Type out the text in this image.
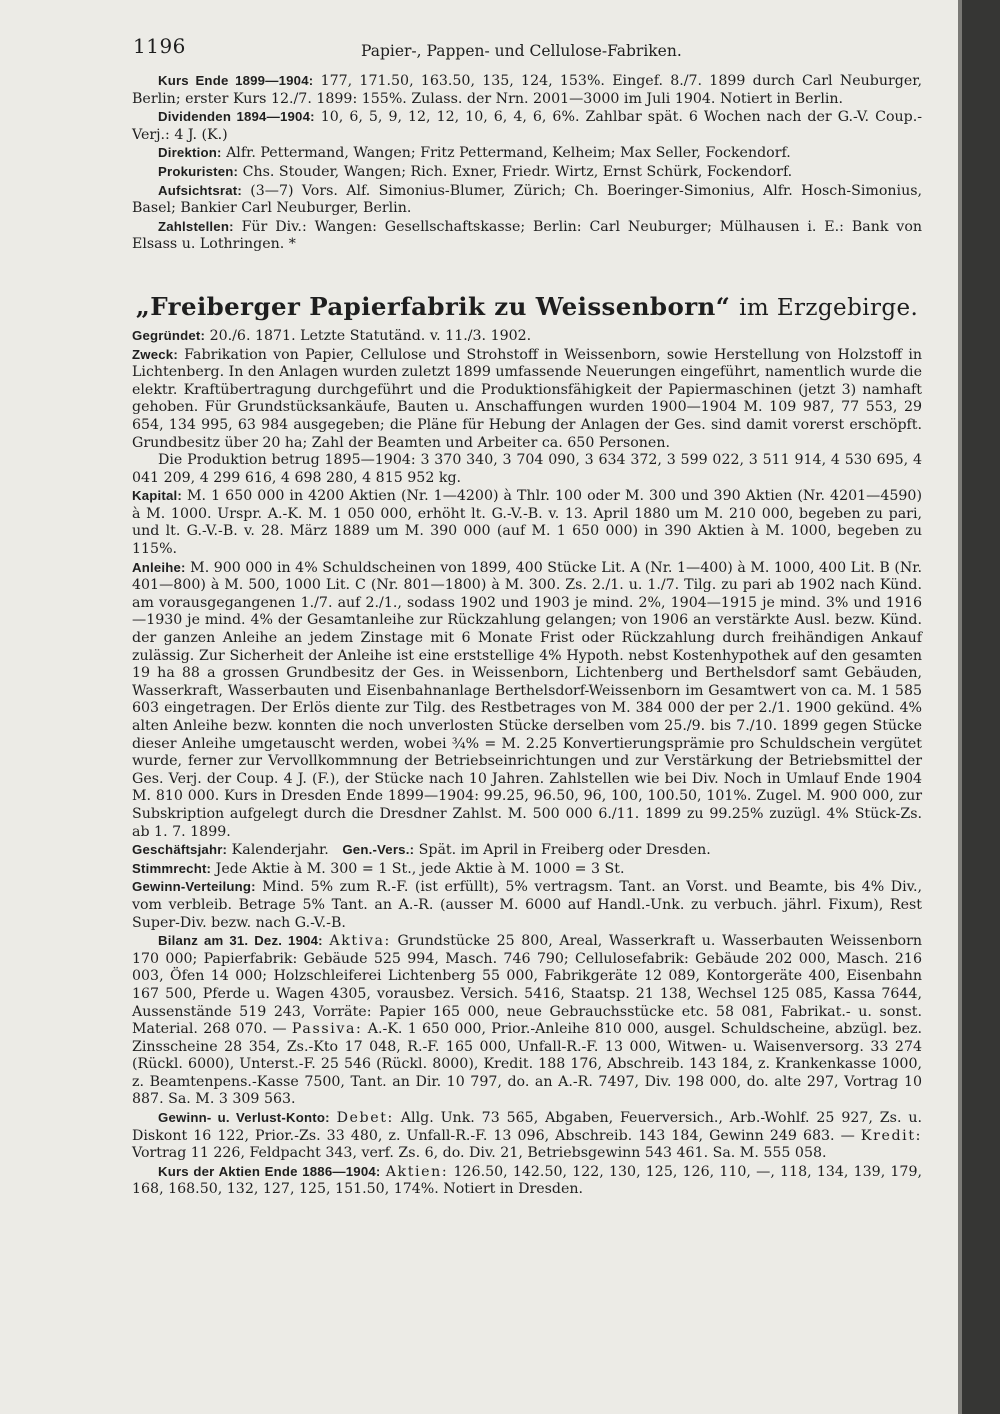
1196	Papier-, Pappen- und Cellulose-Fabriken.

Kurs Ende 1899—1904: 177, 171.50, 163.50, 135, 124, 153%. Eingef. 8./7. 1899 durch Carl Neuburger, Berlin; erster Kurs 12./7. 1899: 155%. Zulass. der Nrn. 2001—3000 im Juli 1904. Notiert in Berlin.

Dividenden 1894—1904: 10, 6, 5, 9, 12, 12, 10, 6, 4, 6, 6%. Zahlbar spät. 6 Wochen nach der G.-V. Coup.-Verj.: 4 J. (K.)

Direktion: Alfr. Pettermand, Wangen; Fritz Pettermand, Kelheim; Max Seller, Fockendorf.

Prokuristen: Chs. Stouder, Wangen; Rich. Exner, Friedr. Wirtz, Ernst Schürk, Fockendorf.

Aufsichtsrat: (3—7) Vors. Alf. Simonius-Blumer, Zürich; Ch. Boeringer-Simonius, Alfr. Hosch-Simonius, Basel; Bankier Carl Neuburger, Berlin.

Zahlstellen: Für Div.: Wangen: Gesellschaftskasse; Berlin: Carl Neuburger; Mülhausen i. E.: Bank von Elsass u. Lothringen. *

„Freiberger Papierfabrik zu Weissenborn“ im Erzgebirge.

Gegründet: 20./6. 1871. Letzte Statutänd. v. 11./3. 1902.

Zweck: Fabrikation von Papier, Cellulose und Strohstoff in Weissenborn, sowie Herstellung von Holzstoff in Lichtenberg. In den Anlagen wurden zuletzt 1899 umfassende Neuerungen eingeführt, namentlich wurde die elektr. Kraftübertragung durchgeführt und die Produktionsfähigkeit der Papiermaschinen (jetzt 3) namhaft gehoben. Für Grundstücksankäufe, Bauten u. Anschaffungen wurden 1900—1904 M. 109 987, 77 553, 29 654, 134 995, 63 984 ausgegeben; die Pläne für Hebung der Anlagen der Ges. sind damit vorerst erschöpft. Grundbesitz über 20 ha; Zahl der Beamten und Arbeiter ca. 650 Personen.

Die Produktion betrug 1895—1904: 3 370 340, 3 704 090, 3 634 372, 3 599 022, 3 511 914, 4 530 695, 4 041 209, 4 299 616, 4 698 280, 4 815 952 kg.

Kapital: M. 1 650 000 in 4200 Aktien (Nr. 1—4200) à Thlr. 100 oder M. 300 und 390 Aktien (Nr. 4201—4590) à M. 1000. Urspr. A.-K. M. 1 050 000, erhöht lt. G.-V.-B. v. 13. April 1880 um M. 210 000, begeben zu pari, und lt. G.-V.-B. v. 28. März 1889 um M. 390 000 (auf M. 1 650 000) in 390 Aktien à M. 1000, begeben zu 115%.

Anleihe: M. 900 000 in 4% Schuldscheinen von 1899, 400 Stücke Lit. A (Nr. 1—400) à M. 1000, 400 Lit. B (Nr. 401—800) à M. 500, 1000 Lit. C (Nr. 801—1800) à M. 300. Zs. 2./1. u. 1./7. Tilg. zu pari ab 1902 nach Künd. am vorausgegangenen 1./7. auf 2./1., sodass 1902 und 1903 je mind. 2%, 1904—1915 je mind. 3% und 1916—1930 je mind. 4% der Gesamtanleihe zur Rückzahlung gelangen; von 1906 an verstärkte Ausl. bezw. Künd. der ganzen Anleihe an jedem Zinstage mit 6 Monate Frist oder Rückzahlung durch freihändigen Ankauf zulässig. Zur Sicherheit der Anleihe ist eine erststellige 4% Hypoth. nebst Kostenhypothek auf den gesamten 19 ha 88 a grossen Grundbesitz der Ges. in Weissenborn, Lichtenberg und Berthelsdorf samt Gebäuden, Wasserkraft, Wasserbauten und Eisenbahnanlage Berthelsdorf-Weissenborn im Gesamtwert von ca. M. 1 585 603 eingetragen. Der Erlös diente zur Tilg. des Restbetrages von M. 384 000 der per 2./1. 1900 gekünd. 4% alten Anleihe bezw. konnten die noch unverlosten Stücke derselben vom 25./9. bis 7./10. 1899 gegen Stücke dieser Anleihe umgetauscht werden, wobei ¾% = M. 2.25 Konvertierungsprämie pro Schuldschein vergütet wurde, ferner zur Vervollkommnung der Betriebseinrichtungen und zur Verstärkung der Betriebsmittel der Ges. Verj. der Coup. 4 J. (F.), der Stücke nach 10 Jahren. Zahlstellen wie bei Div. Noch in Umlauf Ende 1904 M. 810 000. Kurs in Dresden Ende 1899—1904: 99.25, 96.50, 96, 100, 100.50, 101%. Zugel. M. 900 000, zur Subskription aufgelegt durch die Dresdner Zahlst. M. 500 000 6./11. 1899 zu 99.25% zuzügl. 4% Stück-Zs. ab 1. 7. 1899.

Geschäftsjahr: Kalenderjahr. Gen.-Vers.: Spät. im April in Freiberg oder Dresden.

Stimmrecht: Jede Aktie à M. 300 = 1 St., jede Aktie à M. 1000 = 3 St.

Gewinn-Verteilung: Mind. 5% zum R.-F. (ist erfüllt), 5% vertragsm. Tant. an Vorst. und Beamte, bis 4% Div., vom verbleib. Betrage 5% Tant. an A.-R. (ausser M. 6000 auf Handl.-Unk. zu verbuch. jährl. Fixum), Rest Super-Div. bezw. nach G.-V.-B.

Bilanz am 31. Dez. 1904: Aktiva: Grundstücke 25 800, Areal, Wasserkraft u. Wasserbauten Weissenborn 170 000; Papierfabrik: Gebäude 525 994, Masch. 746 790; Cellulosefabrik: Gebäude 202 000, Masch. 216 003, Öfen 14 000; Holzschleiferei Lichtenberg 55 000, Fabrikgeräte 12 089, Kontorgeräte 400, Eisenbahn 167 500, Pferde u. Wagen 4305, vorausbez. Versich. 5416, Staatsp. 21 138, Wechsel 125 085, Kassa 7644, Aussenstände 519 243, Vorräte: Papier 165 000, neue Gebrauchsstücke etc. 58 081, Fabrikat.- u. sonst. Material. 268 070. — Passiva: A.-K. 1 650 000, Prior.-Anleihe 810 000, ausgel. Schuldscheine, abzügl. bez. Zinsscheine 28 354, Zs.-Kto 17 048, R.-F. 165 000, Unfall-R.-F. 13 000, Witwen- u. Waisenversorg. 33 274 (Rückl. 6000), Unterst.-F. 25 546 (Rückl. 8000), Kredit. 188 176, Abschreib. 143 184, z. Krankenkasse 1000, z. Beamtenpens.-Kasse 7500, Tant. an Dir. 10 797, do. an A.-R. 7497, Div. 198 000, do. alte 297, Vortrag 10 887. Sa. M. 3 309 563.

Gewinn- u. Verlust-Konto: Debet: Allg. Unk. 73 565, Abgaben, Feuerversich., Arb.-Wohlf. 25 927, Zs. u. Diskont 16 122, Prior.-Zs. 33 480, z. Unfall-R.-F. 13 096, Abschreib. 143 184, Gewinn 249 683. — Kredit: Vortrag 11 226, Feldpacht 343, verf. Zs. 6, do. Div. 21, Betriebsgewinn 543 461. Sa. M. 555 058.

Kurs der Aktien Ende 1886—1904: Aktien: 126.50, 142.50, 122, 130, 125, 126, 110, —, 118, 134, 139, 179, 168, 168.50, 132, 127, 125, 151.50, 174%. Notiert in Dresden.
